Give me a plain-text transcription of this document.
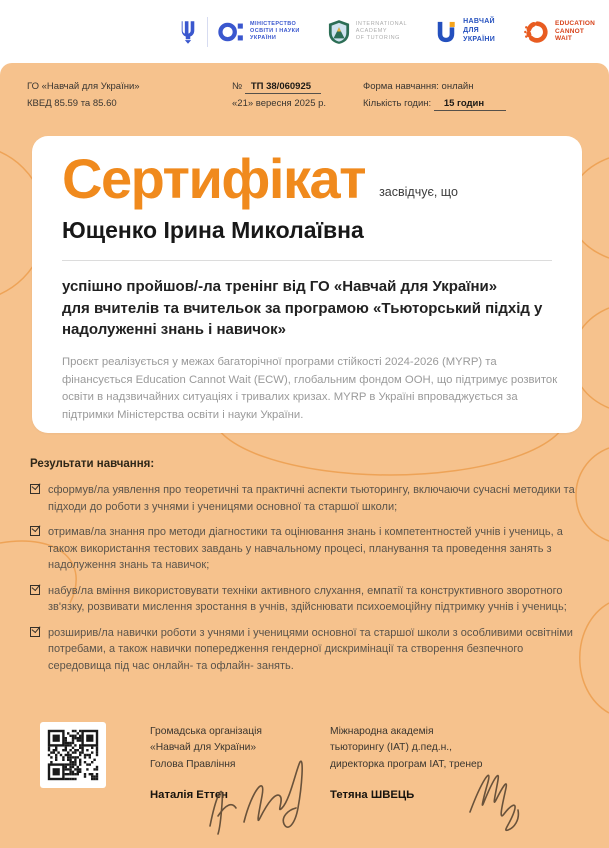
МІНІСТЕРСТВО
ОСВІТИ І НАУКИ
УКРАЇНИ
INTERNATIONAL
ACADEMY
OF TUTORING
НАВЧАЙ
ДЛЯ
УКРАЇНИ
EDUCATION
CANNOT
WAIT
ГО «Навчай для України»
КВЕД 85.59 та 85.60
№ ТП 38/060925
«21» вересня 2025 р.
Форма навчання: онлайн
Кількість годин: 15 годин
Сертифікат засвідчує, що
Ющенко Ірина Миколаївна
успішно пройшов/-ла тренінг від ГО «Навчай для України»
для вчителів та вчительок за програмою «Тьюторський підхід у
надолуженні знань і навичок»
Проєкт реалізується у межах багаторічної програми стійкості 2024-2026 (MYRP) та фінансується Education Cannot Wait (ECW), глобальним фондом ООН, що підтримує розвиток освіти в надзвичайних ситуаціях і тривалих кризах. MYRP в Україні впроваджується за підтримки Міністерства освіти і науки України.
Результати навчання:
сформув/ла уявлення про теоретичні та практичні аспекти тьюторингу, включаючи сучасні методики та підходи до роботи з учнями і ученицями основної та старшої школи;
отримав/ла знання про методи діагностики та оцінювання знань і компетентностей учнів і учениць, а також використання тестових завдань у навчальному процесі, планування та проведення занять з надолуження знань та навичок;
набув/ла вміння використовувати техніки активного слухання, емпатії та конструктивного зворотного зв'язку, розвивати мислення зростання в учнів, здійснювати психоемоційну підтримку учнів і учениць;
розширив/ла навички роботи з учнями і ученицями основної та старшої школи з особливими освітніми потребами, а також навички попередження гендерної дискримінації та створення безпечного середовища під час онлайн- та офлайн- занять.
Громадська організація
«Навчай для України»
Голова Правління
Наталія Еттен
Міжнародна академія
тьюторингу (ІАТ) д.пед.н.,
директорка програм ІАТ, тренер
Тетяна ШВЕЦЬ
